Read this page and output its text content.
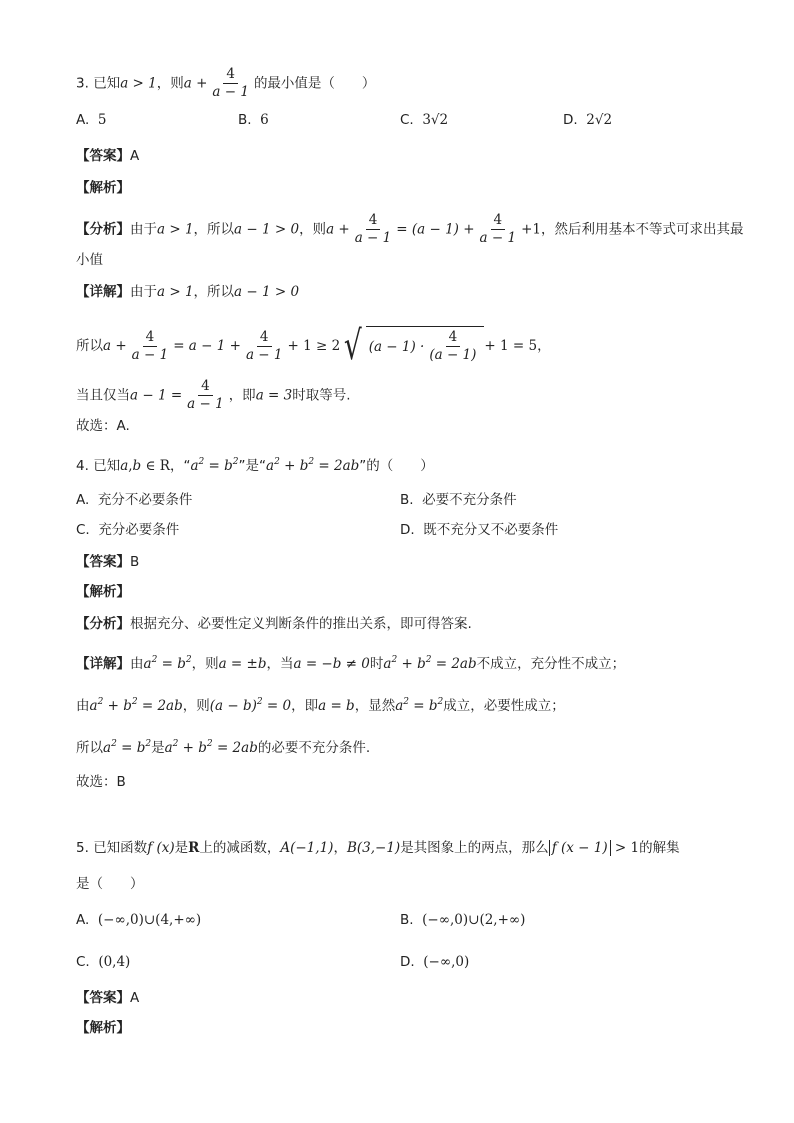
3. 已知a > 1，则$a + \frac{4}{a - 1}$ 的最小值是（　　）
A. 5	B. 6	C. 3√2	D. 2√2
【答案】A
【解析】
【分析】由于a > 1，所以a − 1 > 0，则$a + \frac{4}{a - 1} = (a - 1) + \frac{4}{a - 1} +1$，然后利用基本不等式可求出其最
小值
【详解】由于a > 1，所以a − 1 > 0
所以$a + \frac{4}{a - 1} = a - 1 + \frac{4}{a - 1} + 1 \ge 2$ √ $(a - 1) \cdot \frac{4}{(a - 1)} + 1 = 5$，
当且仅当$a - 1 = \frac{4}{a - 1}$ ，即a = 3时取等号.
故选：A.
4. 已知a,b ∈ R，“$a^2 = b^2$”是“$a^2 + b^2 = 2ab$”的（　　）
A. 充分不必要条件	B. 必要不充分条件
C. 充分必要条件	D. 既不充分又不必要条件
【答案】B
【解析】
【分析】根据充分、必要性定义判断条件的推出关系，即可得答案.
【详解】由$a^2 = b^2$，则a = ±b，当a = −b ≠ 0时$a^2 + b^2 = 2ab$不成立，充分性不成立；
由$a^2 + b^2 = 2ab$，则$(a - b)^2 = 0$，即a = b，显然$a^2 = b^2$成立，必要性成立；
所以$a^2 = b^2$是$a^2 + b^2 = 2ab$的必要不充分条件.
故选：B
5. 已知函数f (x)是R上的减函数，A(−1,1)，B(3,−1)是其图象上的两点，那么 f (x − 1) > 1的解集
是（　　）
A. (−∞,0)∪(4,+∞)	B. (−∞,0)∪(2,+∞)
C. (0,4)	D. (−∞,0)
【答案】A
【解析】
